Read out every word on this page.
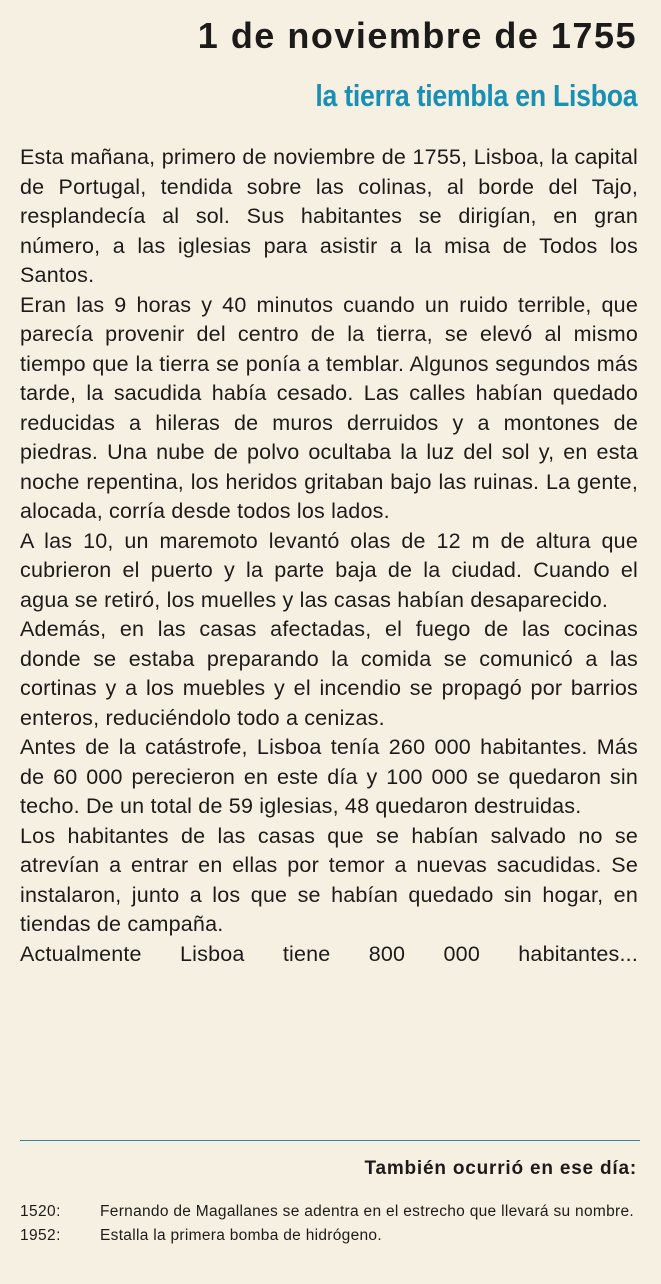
1 de noviembre de 1755
la tierra tiembla en Lisboa

Esta mañana, primero de noviembre de 1755, Lisboa, la capital de Portugal, tendida sobre las colinas, al borde del Tajo, resplandecía al sol. Sus habitantes se dirigían, en gran número, a las iglesias para asistir a la misa de Todos los Santos.

Eran las 9 horas y 40 minutos cuando un ruido terrible, que parecía provenir del centro de la tierra, se elevó al mismo tiempo que la tierra se ponía a temblar. Algunos segundos más tarde, la sacudida había cesado. Las calles habían quedado reducidas a hileras de muros derruidos y a montones de piedras. Una nube de polvo ocultaba la luz del sol y, en esta noche repentina, los heridos gritaban bajo las ruinas. La gente, alocada, corría desde todos los lados.

A las 10, un maremoto levantó olas de 12 m de altura que cubrieron el puerto y la parte baja de la ciudad. Cuando el agua se retiró, los muelles y las casas habían desaparecido.

Además, en las casas afectadas, el fuego de las cocinas donde se estaba preparando la comida se comunicó a las cortinas y a los muebles y el incendio se propagó por barrios enteros, reduciéndolo todo a cenizas.

Antes de la catástrofe, Lisboa tenía 260 000 habitantes. Más de 60 000 perecieron en este día y 100 000 se quedaron sin techo. De un total de 59 iglesias, 48 quedaron destruidas.

Los habitantes de las casas que se habían salvado no se atrevían a entrar en ellas por temor a nuevas sacudidas. Se instalaron, junto a los que se habían quedado sin hogar, en tiendas de campaña.

Actualmente Lisboa tiene 800 000 habitantes...

También ocurrió en ese día:
1520:	Fernando de Magallanes se adentra en el estrecho que llevará su nombre.
1952:	Estalla la primera bomba de hidrógeno.
